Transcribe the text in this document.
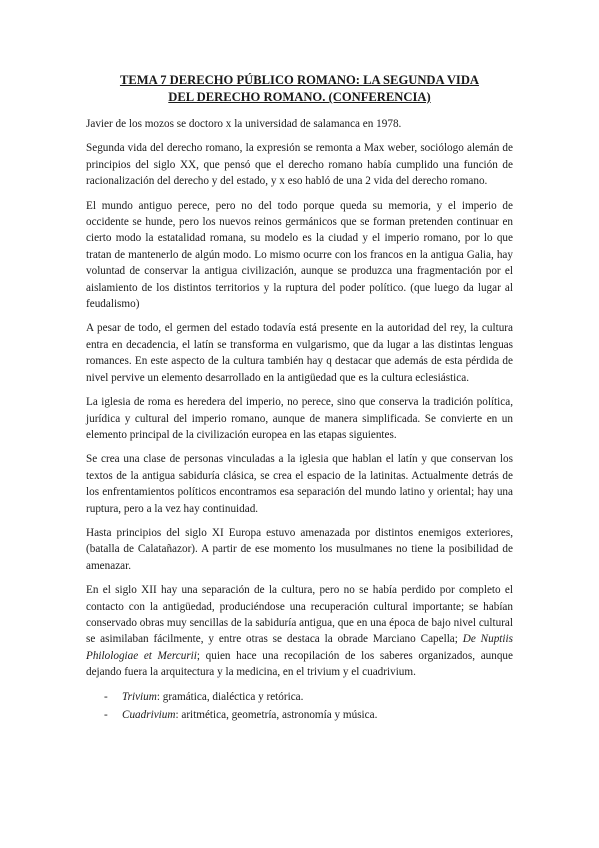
TEMA 7 DERECHO PÚBLICO ROMANO: LA SEGUNDA VIDA
DEL DERECHO ROMANO. (CONFERENCIA)

Javier de los mozos se doctoro x la universidad de salamanca en 1978.

Segunda vida del derecho romano, la expresión se remonta a Max weber, sociólogo alemán de principios del siglo XX, que pensó que el derecho romano había cumplido una función de racionalización del derecho y del estado, y x eso habló de una 2 vida del derecho romano.

El mundo antiguo perece, pero no del todo porque queda su memoria, y el imperio de occidente se hunde, pero los nuevos reinos germánicos que se forman pretenden continuar en cierto modo la estatalidad romana, su modelo es la ciudad y el imperio romano, por lo que tratan de mantenerlo de algún modo. Lo mismo ocurre con los francos en la antigua Galia, hay voluntad de conservar la antigua civilización, aunque se produzca una fragmentación por el aislamiento de los distintos territorios y la ruptura del poder político. (que luego da lugar al feudalismo)

A pesar de todo, el germen del estado todavía está presente en la autoridad del rey, la cultura entra en decadencia, el latín se transforma en vulgarismo, que da lugar a las distintas lenguas romances. En este aspecto de la cultura también hay q destacar que además de esta pérdida de nivel pervive un elemento desarrollado en la antigüedad que es la cultura eclesiástica.

La iglesia de roma es heredera del imperio, no perece, sino que conserva la tradición política, jurídica y cultural del imperio romano, aunque de manera simplificada. Se convierte en un elemento principal de la civilización europea en las etapas siguientes.

Se crea una clase de personas vinculadas a la iglesia que hablan el latín y que conservan los textos de la antigua sabiduría clásica, se crea el espacio de la latinitas. Actualmente detrás de los enfrentamientos políticos encontramos esa separación del mundo latino y oriental; hay una ruptura, pero a la vez hay continuidad.

Hasta principios del siglo XI Europa estuvo amenazada por distintos enemigos exteriores, (batalla de Calatañazor). A partir de ese momento los musulmanes no tiene la posibilidad de amenazar.

En el siglo XII hay una separación de la cultura, pero no se había perdido por completo el contacto con la antigüedad, produciéndose una recuperación cultural importante; se habían conservado obras muy sencillas de la sabiduría antigua, que en una época de bajo nivel cultural se asimilaban fácilmente, y entre otras se destaca la obrade Marciano Capella; De Nuptiis Philologiae et Mercurii; quien hace una recopilación de los saberes organizados, aunque dejando fuera la arquitectura y la medicina, en el trivium y el cuadrivium.

- Trivium: gramática, dialéctica y retórica.
- Cuadrivium: aritmética, geometría, astronomía y música.
